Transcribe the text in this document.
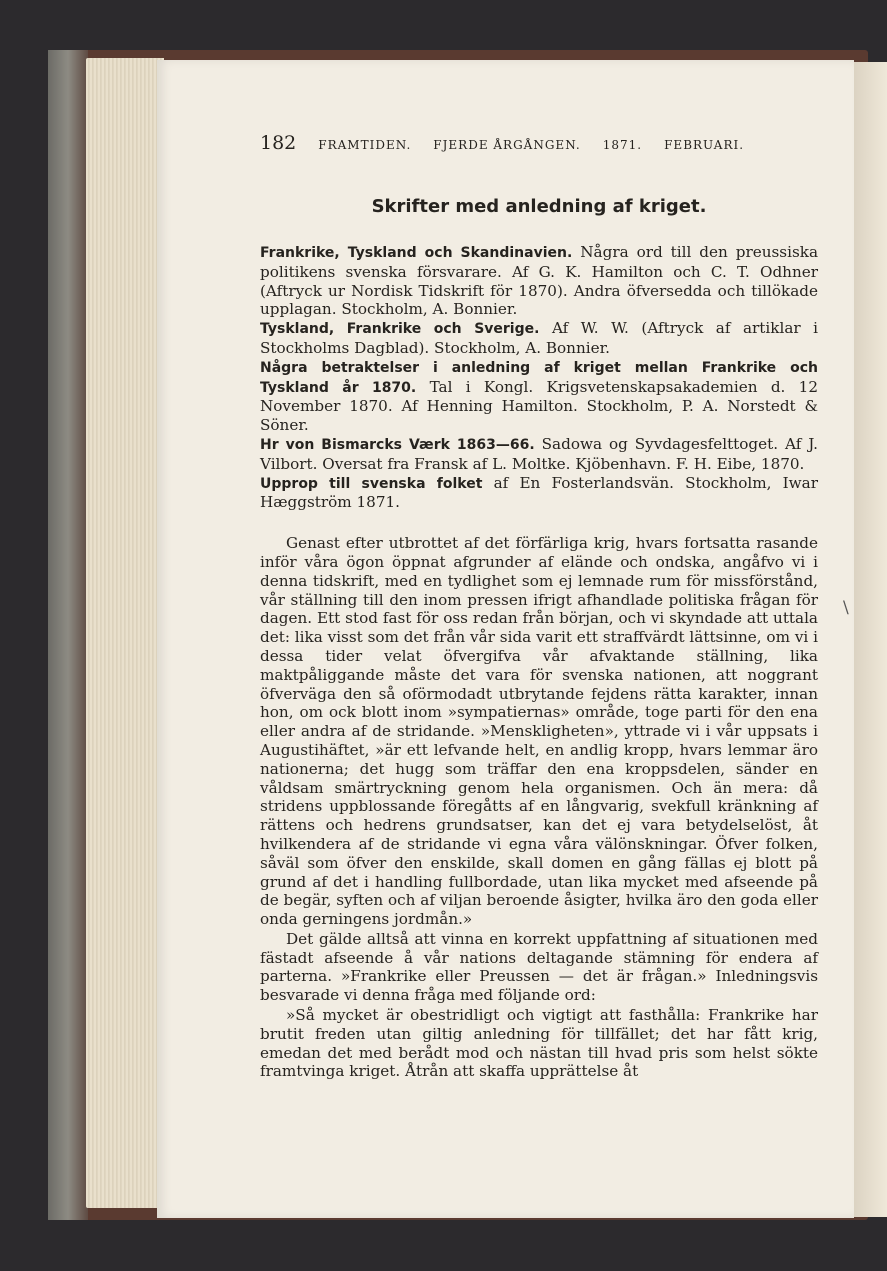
182 FRAMTIDEN. FJERDE ÅRGÅNGEN. 1871. FEBRUARI.
Skrifter med anledning af kriget.
Frankrike, Tyskland och Skandinavien. Några ord till den preussiska politikens svenska försvarare. Af G. K. Hamilton och C. T. Odhner (Aftryck ur Nordisk Tidskrift för 1870). Andra öfversedda och tillökade upplagan. Stockholm, A. Bonnier.
Tyskland, Frankrike och Sverige. Af W. W. (Aftryck af artiklar i Stockholms Dagblad). Stockholm, A. Bonnier.
Några betraktelser i anledning af kriget mellan Frankrike och Tyskland år 1870. Tal i Kongl. Krigsvetenskapsakademien d. 12 November 1870. Af Henning Hamilton. Stockholm, P. A. Norstedt & Söner.
Hr von Bismarcks Værk 1863—66. Sadowa og Syvdagesfelttoget. Af J. Vilbort. Oversat fra Fransk af L. Moltke. Kjöbenhavn. F. H. Eibe, 1870.
Upprop till svenska folket af En Fosterlandsvän. Stockholm, Iwar Hæggström 1871.

Genast efter utbrottet af det förfärliga krig, hvars fortsatta rasande inför våra ögon öppnat afgrunder af elände och ondska, angåfvo vi i denna tidskrift, med en tydlighet som ej lemnade rum för missförstånd, vår ställning till den inom pressen ifrigt afhandlade politiska frågan för dagen. Ett stod fast för oss redan från början, och vi skyndade att uttala det: lika visst som det från vår sida varit ett straffvärdt lättsinne, om vi i dessa tider velat öfvergifva vår afvaktande ställning, lika maktpåliggande måste det vara för svenska nationen, att noggrant öfverväga den så oförmodadt utbrytande fejdens rätta karakter, innan hon, om ock blott inom »sympatiernas» område, toge parti för den ena eller andra af de stridande. »Menskligheten», yttrade vi i vår uppsats i Augustihäftet, »är ett lefvande helt, en andlig kropp, hvars lemmar äro nationerna; det hugg som träffar den ena kroppsdelen, sänder en våldsam smärtryckning genom hela organismen. Och än mera: då stridens uppblossande föregåtts af en långvarig, svekfull kränkning af rättens och hedrens grundsatser, kan det ej vara betydelselöst, åt hvilkendera af de stridande vi egna våra välönskningar. Öfver folken, såväl som öfver den enskilde, skall domen en gång fällas ej blott på grund af det i handling fullbordade, utan lika mycket med afseende på de begär, syften och af viljan beroende åsigter, hvilka äro den goda eller onda gerningens jordmån.»

Det gälde alltså att vinna en korrekt uppfattning af situationen med fästadt afseende å vår nations deltagande stämning för endera af parterna. »Frankrike eller Preussen — det är frågan.» Inledningsvis besvarade vi denna fråga med följande ord:

»Så mycket är obestridligt och vigtigt att fasthålla: Frankrike har brutit freden utan giltig anledning för tillfället; det har fått krig, emedan det med berådt mod och nästan till hvad pris som helst sökte framtvinga kriget. Åtrån att skaffa upprättelse åt

\
